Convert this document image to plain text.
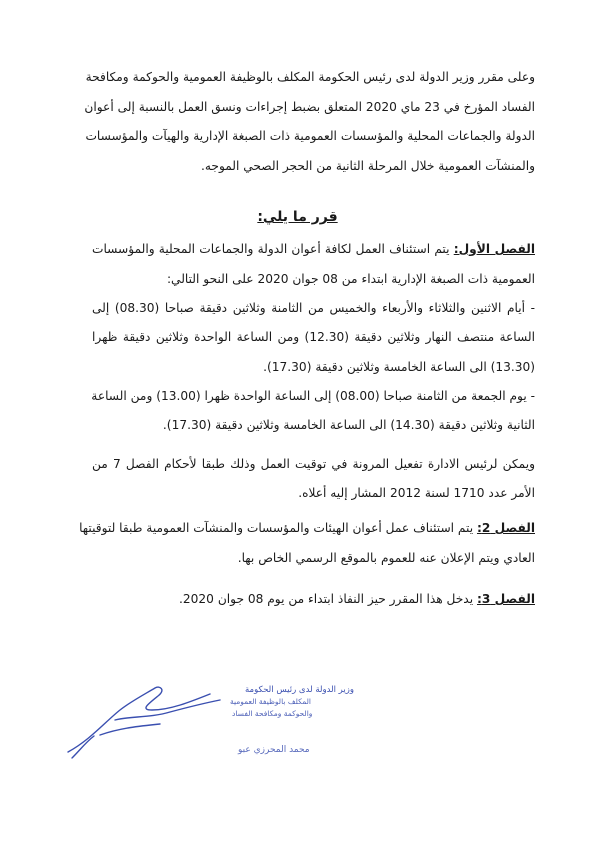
وعلى مقرر وزير الدولة لدى رئيس الحكومة المكلف بالوظيفة العمومية والحوكمة ومكافحة
الفساد المؤرخ في 23 ماي 2020 المتعلق بضبط إجراءات ونسق العمل بالنسبة إلى أعوان
الدولة والجماعات المحلية والمؤسسات العمومية ذات الصبغة الإدارية والهيآت والمؤسسات
والمنشآت العمومية خلال المرحلة الثانية من الحجر الصحي الموجه.
قرر ما يلي:
الفصل الأول: يتم استئناف العمل لكافة أعوان الدولة والجماعات المحلية والمؤسسات
العمومية ذات الصبغة الإدارية ابتداء من 08 جوان 2020 على النحو التالي:
- أيام الاثنين والثلاثاء والأربعاء والخميس من الثامنة وثلاثين دقيقة صباحا (08.30) إلى
الساعة منتصف النهار وثلاثين دقيقة (12.30) ومن الساعة الواحدة وثلاثين دقيقة ظهرا
(13.30) الى الساعة الخامسة وثلاثين دقيقة (17.30).
- يوم الجمعة من الثامنة صباحا (08.00) إلى الساعة الواحدة ظهرا (13.00) ومن الساعة
الثانية وثلاثين دقيقة (14.30) الى الساعة الخامسة وثلاثين دقيقة (17.30).
ويمكن لرئيس الادارة تفعيل المرونة في توقيت العمل وذلك طبقا لأحكام الفصل 7 من
الأمر عدد 1710 لسنة 2012 المشار إليه أعلاه.
الفصل 2: يتم استئناف عمل أعوان الهيئات والمؤسسات والمنشآت العمومية طبقا لتوقيتها
العادي ويتم الإعلان عنه للعموم بالموقع الرسمي الخاص بها.
الفصل 3: يدخل هذا المقرر حيز النفاذ ابتداء من يوم 08 جوان 2020.
وزير الدولة لدى رئيس الحكومة
المكلف بالوظيفة العمومية
والحوكمة ومكافحة الفساد
محمد المحرزي عبو
